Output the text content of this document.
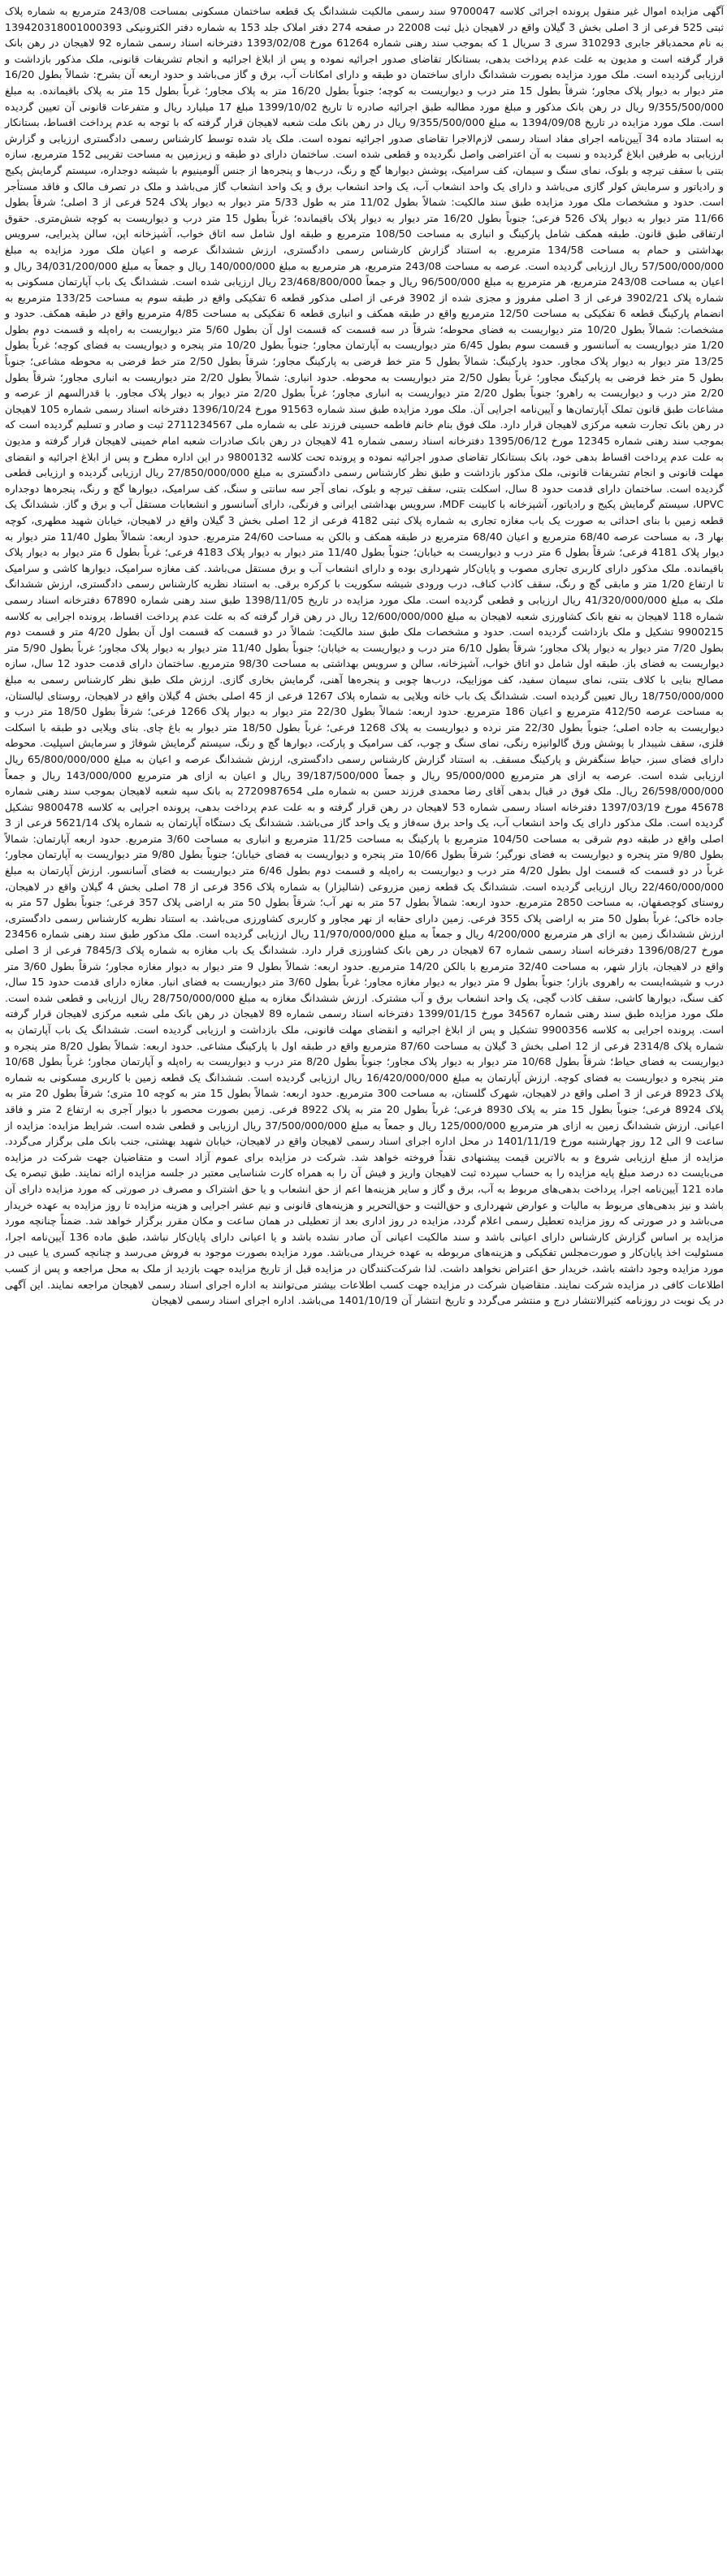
آگهی مزایده اموال غیر منقول پرونده اجرائی کلاسه 9700047 سند رسمی مالکیت ششدانگ یک قطعه ساختمان مسکونی بمساحت 243/08 مترمربع به شماره پلاک ثبتی 525 فرعی از 3 اصلی بخش 3 گیلان واقع در لاهیجان ذیل ثبت 22008 در صفحه 274 دفتر املاک جلد 153 به شماره دفتر الکترونیکی 139420318001000393 به نام محمدباقر جابری 310293 سری 3 سریال 1 که بموجب سند رهنی شماره 61264 مورخ 1393/02/08 دفترخانه اسناد رسمی شماره 92 لاهیجان در رهن بانک قرار گرفته است و مدیون به علت عدم پرداخت بدهی، بستانکار تقاضای صدور اجرائیه نموده و پس از ابلاغ اجرائیه و انجام تشریفات قانونی، ملک مذکور بازداشت و ارزیابی گردیده است. ملک مورد مزایده بصورت ششدانگ دارای ساختمان دو طبقه و دارای امکانات آب، برق و گاز می‌باشد و حدود اربعه آن بشرح: شمالاً بطول 16/20 متر دیوار به دیوار پلاک مجاور؛ شرقاً بطول 15 متر درب و دیواریست به کوچه؛ جنوباً بطول 16/20 متر به پلاک مجاور؛ غرباً بطول 15 متر به پلاک باقیمانده. به مبلغ 9/355/500/000 ریال در رهن بانک مذکور و مبلغ مورد مطالبه طبق اجرائیه صادره تا تاریخ 1399/10/02 مبلغ 17 میلیارد ریال و متفرعات قانونی آن تعیین گردیده است. ملک مورد مزایده در تاریخ 1394/09/08 به مبلغ 9/355/500/000 ریال در رهن بانک ملت شعبه لاهیجان قرار گرفته که با توجه به عدم پرداخت اقساط، بستانکار به استناد ماده 34 آیین‌نامه اجرای مفاد اسناد رسمی لازم‌الاجرا تقاضای صدور اجرائیه نموده است. ملک یاد شده توسط کارشناس رسمی دادگستری ارزیابی و گزارش ارزیابی به طرفین ابلاغ گردیده و نسبت به آن اعتراضی واصل نگردیده و قطعی شده است. ساختمان دارای دو طبقه و زیرزمین به مساحت تقریبی 152 مترمربع، سازه بتنی با سقف تیرچه و بلوک، نمای سنگ و سیمان، کف سرامیک، پوشش دیوارها گچ و رنگ، درب‌ها و پنجره‌ها از جنس آلومینیوم با شیشه دوجداره، سیستم گرمایش پکیج و رادیاتور و سرمایش کولر گازی می‌باشد و دارای یک واحد انشعاب آب، یک واحد انشعاب برق و یک واحد انشعاب گاز می‌باشد و ملک در تصرف مالک و فاقد مستأجر است. حدود و مشخصات ملک مورد مزایده طبق سند مالکیت: شمالاً بطول 11/02 متر به طول 5/33 متر دیوار به دیوار پلاک 524 فرعی از 3 اصلی؛ شرقاً بطول 11/66 متر دیوار به دیوار پلاک 526 فرعی؛ جنوباً بطول 16/20 متر دیوار به دیوار پلاک باقیمانده؛ غرباً بطول 15 متر درب و دیواریست به کوچه شش‌متری. حقوق ارتفاقی طبق قانون. طبقه همکف شامل پارکینگ و انباری به مساحت 108/50 مترمربع و طبقه اول شامل سه اتاق خواب، آشپزخانه اپن، سالن پذیرایی، سرویس بهداشتی و حمام به مساحت 134/58 مترمربع. به استناد گزارش کارشناس رسمی دادگستری، ارزش ششدانگ عرصه و اعیان ملک مورد مزایده به مبلغ 57/500/000/000 ریال ارزیابی گردیده است. عرصه به مساحت 243/08 مترمربع، هر مترمربع به مبلغ 140/000/000 ریال و جمعاً به مبلغ 34/031/200/000 ریال و اعیان به مساحت 243/08 مترمربع، هر مترمربع به مبلغ 96/500/000 ریال و جمعاً 23/468/800/000 ریال ارزیابی شده است. ششدانگ یک باب آپارتمان مسکونی به شماره پلاک 3902/21 فرعی از 3 اصلی مفروز و مجزی شده از 3902 فرعی از اصلی مذکور قطعه 6 تفکیکی واقع در طبقه سوم به مساحت 133/25 مترمربع به انضمام پارکینگ قطعه 6 تفکیکی به مساحت 12/50 مترمربع واقع در طبقه همکف و انباری قطعه 6 تفکیکی به مساحت 4/85 مترمربع واقع در طبقه همکف. حدود و مشخصات: شمالاً بطول 10/20 متر دیواریست به فضای محوطه؛ شرقاً در سه قسمت که قسمت اول آن بطول 5/60 متر دیواریست به راه‌پله و قسمت دوم بطول 1/20 متر دیواریست به آسانسور و قسمت سوم بطول 6/45 متر دیواریست به آپارتمان مجاور؛ جنوباً بطول 10/20 متر پنجره و دیواریست به فضای کوچه؛ غرباً بطول 13/25 متر دیوار به دیوار پلاک مجاور. حدود پارکینگ: شمالاً بطول 5 متر خط فرضی به پارکینگ مجاور؛ شرقاً بطول 2/50 متر خط فرضی به محوطه مشاعی؛ جنوباً بطول 5 متر خط فرضی به پارکینگ مجاور؛ غرباً بطول 2/50 متر دیواریست به محوطه. حدود انباری: شمالاً بطول 2/20 متر دیواریست به انباری مجاور؛ شرقاً بطول 2/20 متر درب و دیواریست به راهرو؛ جنوباً بطول 2/20 متر دیواریست به انباری مجاور؛ غرباً بطول 2/20 متر دیوار به دیوار پلاک مجاور. با قدرالسهم از عرصه و مشاعات طبق قانون تملک آپارتمان‌ها و آیین‌نامه اجرایی آن. ملک مورد مزایده طبق سند شماره 91563 مورخ 1396/10/24 دفترخانه اسناد رسمی شماره 105 لاهیجان در رهن بانک تجارت شعبه مرکزی لاهیجان قرار دارد. ملک فوق بنام خانم فاطمه حسینی فرزند علی به شماره ملی 2711234567 ثبت و صادر و تسلیم گردیده است که بموجب سند رهنی شماره 12345 مورخ 1395/06/12 دفترخانه اسناد رسمی شماره 41 لاهیجان در رهن بانک صادرات شعبه امام خمینی لاهیجان قرار گرفته و مدیون به علت عدم پرداخت اقساط بدهی خود، بانک بستانکار تقاضای صدور اجرائیه نموده و پرونده تحت کلاسه 9800132 در این اداره مطرح و پس از ابلاغ اجرائیه و انقضای مهلت قانونی و انجام تشریفات قانونی، ملک مذکور بازداشت و طبق نظر کارشناس رسمی دادگستری به مبلغ 27/850/000/000 ریال ارزیابی گردیده و ارزیابی قطعی گردیده است. ساختمان دارای قدمت حدود 8 سال، اسکلت بتنی، سقف تیرچه و بلوک، نمای آجر سه سانتی و سنگ، کف سرامیک، دیوارها گچ و رنگ، پنجره‌ها دوجداره UPVC، سیستم گرمایش پکیج و رادیاتور، آشپزخانه با کابینت MDF، سرویس بهداشتی ایرانی و فرنگی، دارای آسانسور و انشعابات مستقل آب و برق و گاز. ششدانگ یک قطعه زمین با بنای احداثی به صورت یک باب مغازه تجاری به شماره پلاک ثبتی 4182 فرعی از 12 اصلی بخش 3 گیلان واقع در لاهیجان، خیابان شهید مطهری، کوچه بهار 3، به مساحت عرصه 68/40 مترمربع و اعیان 68/40 مترمربع در طبقه همکف و بالکن به مساحت 24/60 مترمربع. حدود اربعه: شمالاً بطول 11/40 متر دیوار به دیوار پلاک 4181 فرعی؛ شرقاً بطول 6 متر درب و دیواریست به خیابان؛ جنوباً بطول 11/40 متر دیوار به دیوار پلاک 4183 فرعی؛ غرباً بطول 6 متر دیوار به دیوار پلاک باقیمانده. ملک مذکور دارای کاربری تجاری مصوب و پایان‌کار شهرداری بوده و دارای انشعاب آب و برق مستقل می‌باشد. کف مغازه سرامیک، دیوارها کاشی و سرامیک تا ارتفاع 1/20 متر و مابقی گچ و رنگ، سقف کاذب کناف، درب ورودی شیشه سکوریت با کرکره برقی. به استناد نظریه کارشناس رسمی دادگستری، ارزش ششدانگ ملک به مبلغ 41/320/000/000 ریال ارزیابی و قطعی گردیده است. ملک مورد مزایده در تاریخ 1398/11/05 طبق سند رهنی شماره 67890 دفترخانه اسناد رسمی شماره 118 لاهیجان به نفع بانک کشاورزی شعبه لاهیجان به مبلغ 12/600/000/000 ریال در رهن قرار گرفته که به علت عدم پرداخت اقساط، پرونده اجرایی به کلاسه 9900215 تشکیل و ملک بازداشت گردیده است. حدود و مشخصات ملک طبق سند مالکیت: شمالاً در دو قسمت که قسمت اول آن بطول 4/20 متر و قسمت دوم بطول 7/20 متر دیوار به دیوار پلاک مجاور؛ شرقاً بطول 6/10 متر درب و دیواریست به خیابان؛ جنوباً بطول 11/40 متر دیوار به دیوار پلاک مجاور؛ غرباً بطول 5/90 متر دیواریست به فضای باز. طبقه اول شامل دو اتاق خواب، آشپزخانه، سالن و سرویس بهداشتی به مساحت 98/30 مترمربع. ساختمان دارای قدمت حدود 12 سال، سازه مصالح بنایی با کلاف بتنی، نمای سیمان سفید، کف موزاییک، درب‌ها چوبی و پنجره‌ها آهنی، گرمایش بخاری گازی. ارزش ملک طبق نظر کارشناس رسمی به مبلغ 18/750/000/000 ریال تعیین گردیده است. ششدانگ یک باب خانه ویلایی به شماره پلاک 1267 فرعی از 45 اصلی بخش 4 گیلان واقع در لاهیجان، روستای لیالستان، به مساحت عرصه 412/50 مترمربع و اعیان 186 مترمربع. حدود اربعه: شمالاً بطول 22/30 متر دیوار به دیوار پلاک 1266 فرعی؛ شرقاً بطول 18/50 متر درب و دیواریست به جاده اصلی؛ جنوباً بطول 22/30 متر نرده و دیواریست به پلاک 1268 فرعی؛ غرباً بطول 18/50 متر دیوار به باغ چای. بنای ویلایی دو طبقه با اسکلت فلزی، سقف شیبدار با پوشش ورق گالوانیزه رنگی، نمای سنگ و چوب، کف سرامیک و پارکت، دیوارها گچ و رنگ، سیستم گرمایش شوفاژ و سرمایش اسپلیت. محوطه دارای فضای سبز، حیاط سنگفرش و پارکینگ مسقف. به استناد گزارش کارشناس رسمی دادگستری، ارزش ششدانگ عرصه و اعیان به مبلغ 65/800/000/000 ریال ارزیابی شده است. عرصه به ازای هر مترمربع 95/000/000 ریال و جمعاً 39/187/500/000 ریال و اعیان به ازای هر مترمربع 143/000/000 ریال و جمعاً 26/598/000/000 ریال. ملک فوق در قبال بدهی آقای رضا محمدی فرزند حسن به شماره ملی 2720987654 به بانک سپه شعبه لاهیجان بموجب سند رهنی شماره 45678 مورخ 1397/03/19 دفترخانه اسناد رسمی شماره 53 لاهیجان در رهن قرار گرفته و به علت عدم پرداخت بدهی، پرونده اجرایی به کلاسه 9800478 تشکیل گردیده است. ملک مذکور دارای یک واحد انشعاب آب، یک واحد برق سه‌فاز و یک واحد گاز می‌باشد. ششدانگ یک دستگاه آپارتمان به شماره پلاک 5621/14 فرعی از 3 اصلی واقع در طبقه دوم شرقی به مساحت 104/50 مترمربع با پارکینگ به مساحت 11/25 مترمربع و انباری به مساحت 3/60 مترمربع. حدود اربعه آپارتمان: شمالاً بطول 9/80 متر پنجره و دیواریست به فضای نورگیر؛ شرقاً بطول 10/66 متر پنجره و دیواریست به فضای خیابان؛ جنوباً بطول 9/80 متر دیواریست به آپارتمان مجاور؛ غرباً در دو قسمت که قسمت اول بطول 4/20 متر درب و دیواریست به راه‌پله و قسمت دوم بطول 6/46 متر دیواریست به فضای آسانسور. ارزش آپارتمان به مبلغ 22/460/000/000 ریال ارزیابی گردیده است. ششدانگ یک قطعه زمین مزروعی (شالیزار) به شماره پلاک 356 فرعی از 78 اصلی بخش 4 گیلان واقع در لاهیجان، روستای کوچصفهان، به مساحت 2850 مترمربع. حدود اربعه: شمالاً بطول 57 متر به نهر آب؛ شرقاً بطول 50 متر به اراضی پلاک 357 فرعی؛ جنوباً بطول 57 متر به جاده خاکی؛ غرباً بطول 50 متر به اراضی پلاک 355 فرعی. زمین دارای حقابه از نهر مجاور و کاربری کشاورزی می‌باشد. به استناد نظریه کارشناس رسمی دادگستری، ارزش ششدانگ زمین به ازای هر مترمربع 4/200/000 ریال و جمعاً به مبلغ 11/970/000/000 ریال ارزیابی گردیده است. ملک مذکور طبق سند رهنی شماره 23456 مورخ 1396/08/27 دفترخانه اسناد رسمی شماره 67 لاهیجان در رهن بانک کشاورزی قرار دارد. ششدانگ یک باب مغازه به شماره پلاک 7845/3 فرعی از 3 اصلی واقع در لاهیجان، بازار شهر، به مساحت 32/40 مترمربع با بالکن 14/20 مترمربع. حدود اربعه: شمالاً بطول 9 متر دیوار به دیوار مغازه مجاور؛ شرقاً بطول 3/60 متر درب و شیشه‌ایست به راهروی بازار؛ جنوباً بطول 9 متر دیوار به دیوار مغازه مجاور؛ غرباً بطول 3/60 متر دیواریست به فضای انبار. مغازه دارای قدمت حدود 15 سال، کف سنگ، دیوارها کاشی، سقف کاذب گچی، یک واحد انشعاب برق و آب مشترک. ارزش ششدانگ مغازه به مبلغ 28/750/000/000 ریال ارزیابی و قطعی شده است. ملک مورد مزایده طبق سند رهنی شماره 34567 مورخ 1399/01/15 دفترخانه اسناد رسمی شماره 89 لاهیجان در رهن بانک ملی شعبه مرکزی لاهیجان قرار گرفته است. پرونده اجرایی به کلاسه 9900356 تشکیل و پس از ابلاغ اجرائیه و انقضای مهلت قانونی، ملک بازداشت و ارزیابی گردیده است. ششدانگ یک باب آپارتمان به شماره پلاک 2314/8 فرعی از 12 اصلی بخش 3 گیلان به مساحت 87/60 مترمربع واقع در طبقه اول با پارکینگ مشاعی. حدود اربعه: شمالاً بطول 8/20 متر پنجره و دیواریست به فضای حیاط؛ شرقاً بطول 10/68 متر دیوار به دیوار پلاک مجاور؛ جنوباً بطول 8/20 متر درب و دیواریست به راه‌پله و آپارتمان مجاور؛ غرباً بطول 10/68 متر پنجره و دیواریست به فضای کوچه. ارزش آپارتمان به مبلغ 16/420/000/000 ریال ارزیابی گردیده است. ششدانگ یک قطعه زمین با کاربری مسکونی به شماره پلاک 8923 فرعی از 3 اصلی واقع در لاهیجان، شهرک گلستان، به مساحت 300 مترمربع. حدود اربعه: شمالاً بطول 15 متر به کوچه 10 متری؛ شرقاً بطول 20 متر به پلاک 8924 فرعی؛ جنوباً بطول 15 متر به پلاک 8930 فرعی؛ غرباً بطول 20 متر به پلاک 8922 فرعی. زمین بصورت محصور با دیوار آجری به ارتفاع 2 متر و فاقد اعیانی. ارزش ششدانگ زمین به ازای هر مترمربع 125/000/000 ریال و جمعاً به مبلغ 37/500/000/000 ریال ارزیابی و قطعی شده است. شرایط مزایده: مزایده از ساعت 9 الی 12 روز چهارشنبه مورخ 1401/11/19 در محل اداره اجرای اسناد رسمی لاهیجان واقع در لاهیجان، خیابان شهید بهشتی، جنب بانک ملی برگزار می‌گردد. مزایده از مبلغ ارزیابی شروع و به بالاترین قیمت پیشنهادی نقداً فروخته خواهد شد. شرکت در مزایده برای عموم آزاد است و متقاضیان جهت شرکت در مزایده می‌بایست ده درصد مبلغ پایه مزایده را به حساب سپرده ثبت لاهیجان واریز و فیش آن را به همراه کارت شناسایی معتبر در جلسه مزایده ارائه نمایند. طبق تبصره یک ماده 121 آیین‌نامه اجرا، پرداخت بدهی‌های مربوط به آب، برق و گاز و سایر هزینه‌ها اعم از حق انشعاب و یا حق اشتراک و مصرف در صورتی که مورد مزایده دارای آن باشد و نیز بدهی‌های مربوط به مالیات و عوارض شهرداری و حق‌الثبت و حق‌التحریر و هزینه‌های قانونی و نیم عشر اجرایی و هزینه مزایده تا روز مزایده به عهده خریدار می‌باشد و در صورتی که روز مزایده تعطیل رسمی اعلام گردد، مزایده در روز اداری بعد از تعطیلی در همان ساعت و مکان مقرر برگزار خواهد شد. ضمناً چنانچه مورد مزایده بر اساس گزارش کارشناس دارای اعیانی باشد و سند مالکیت اعیانی آن صادر نشده باشد و یا اعیانی دارای پایان‌کار نباشد، طبق ماده 136 آیین‌نامه اجرا، مسئولیت اخذ پایان‌کار و صورت‌مجلس تفکیکی و هزینه‌های مربوطه به عهده خریدار می‌باشد. مورد مزایده بصورت موجود به فروش می‌رسد و چنانچه کسری یا عیبی در مورد مزایده وجود داشته باشد، خریدار حق اعتراض نخواهد داشت. لذا شرکت‌کنندگان در مزایده قبل از تاریخ مزایده جهت بازدید از ملک به محل مراجعه و پس از کسب اطلاعات کافی در مزایده شرکت نمایند. متقاضیان شرکت در مزایده جهت کسب اطلاعات بیشتر می‌توانند به اداره اجرای اسناد رسمی لاهیجان مراجعه نمایند. این آگهی در یک نوبت در روزنامه کثیرالانتشار درج و منتشر می‌گردد و تاریخ انتشار آن 1401/10/19 می‌باشد. اداره اجرای اسناد رسمی لاهیجان
